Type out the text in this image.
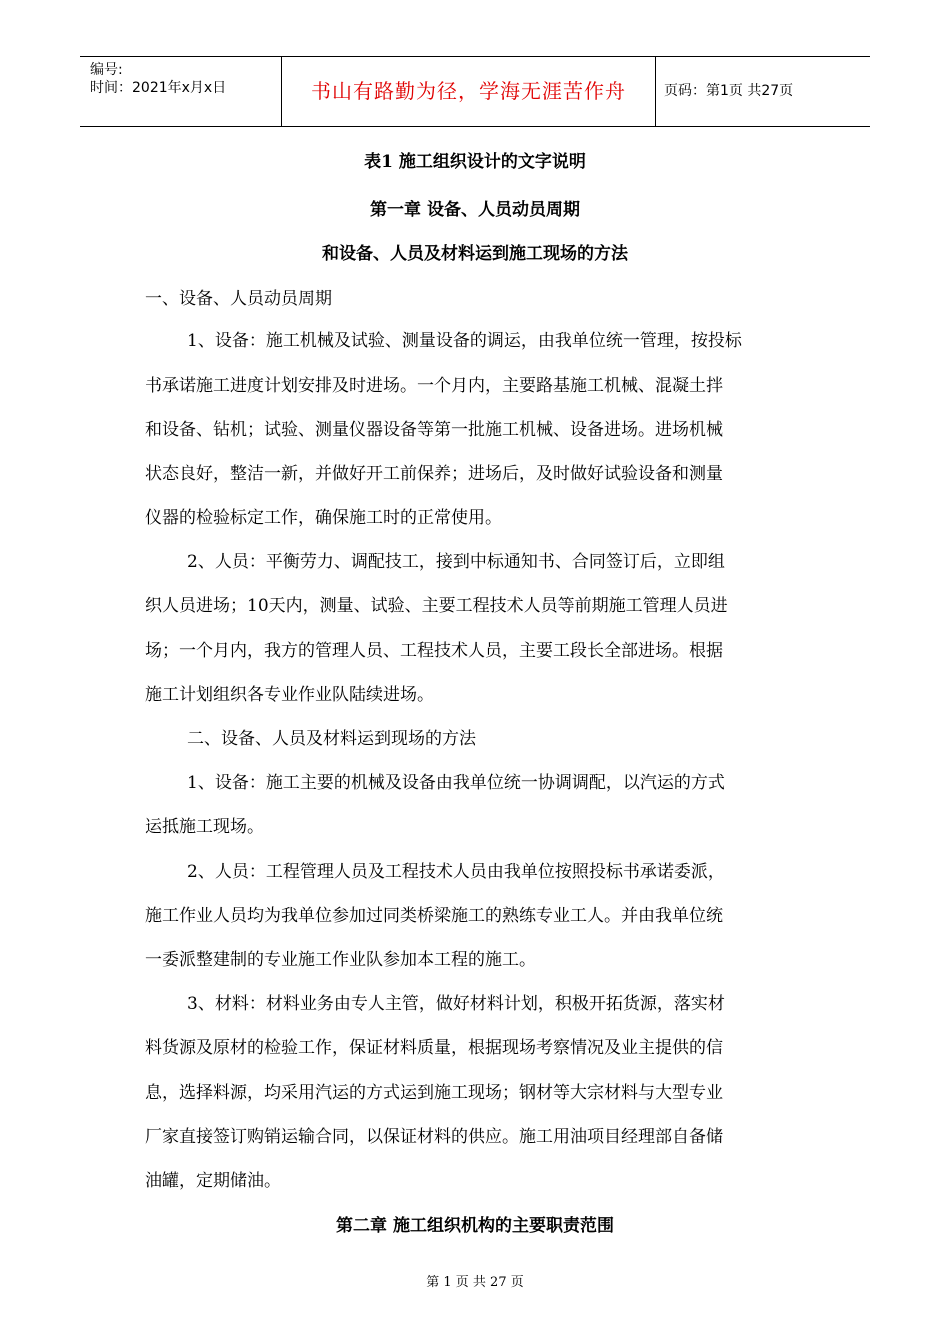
编号:
时间：2021年x月x日	书山有路勤为径，学海无涯苦作舟	页码：第1页 共27页
表1 施工组织设计的文字说明
第一章 设备、人员动员周期
和设备、人员及材料运到施工现场的方法
一、设备、人员动员周期
1、设备：施工机械及试验、测量设备的调运，由我单位统一管理，按投标
书承诺施工进度计划安排及时进场。一个月内，主要路基施工机械、混凝土拌
和设备、钻机；试验、测量仪器设备等第一批施工机械、设备进场。进场机械
状态良好，整洁一新，并做好开工前保养；进场后，及时做好试验设备和测量
仪器的检验标定工作，确保施工时的正常使用。
2、人员：平衡劳力、调配技工，接到中标通知书、合同签订后，立即组
织人员进场；10天内，测量、试验、主要工程技术人员等前期施工管理人员进
场；一个月内，我方的管理人员、工程技术人员，主要工段长全部进场。根据
施工计划组织各专业作业队陆续进场。
二、设备、人员及材料运到现场的方法
1、设备：施工主要的机械及设备由我单位统一协调调配，以汽运的方式
运抵施工现场。
2、人员：工程管理人员及工程技术人员由我单位按照投标书承诺委派，
施工作业人员均为我单位参加过同类桥梁施工的熟练专业工人。并由我单位统
一委派整建制的专业施工作业队参加本工程的施工。
3、材料：材料业务由专人主管，做好材料计划，积极开拓货源，落实材
料货源及原材的检验工作，保证材料质量，根据现场考察情况及业主提供的信
息，选择料源，均采用汽运的方式运到施工现场；钢材等大宗材料与大型专业
厂家直接签订购销运输合同，以保证材料的供应。施工用油项目经理部自备储
油罐，定期储油。
第二章 施工组织机构的主要职责范围
第 1 页 共 27 页
